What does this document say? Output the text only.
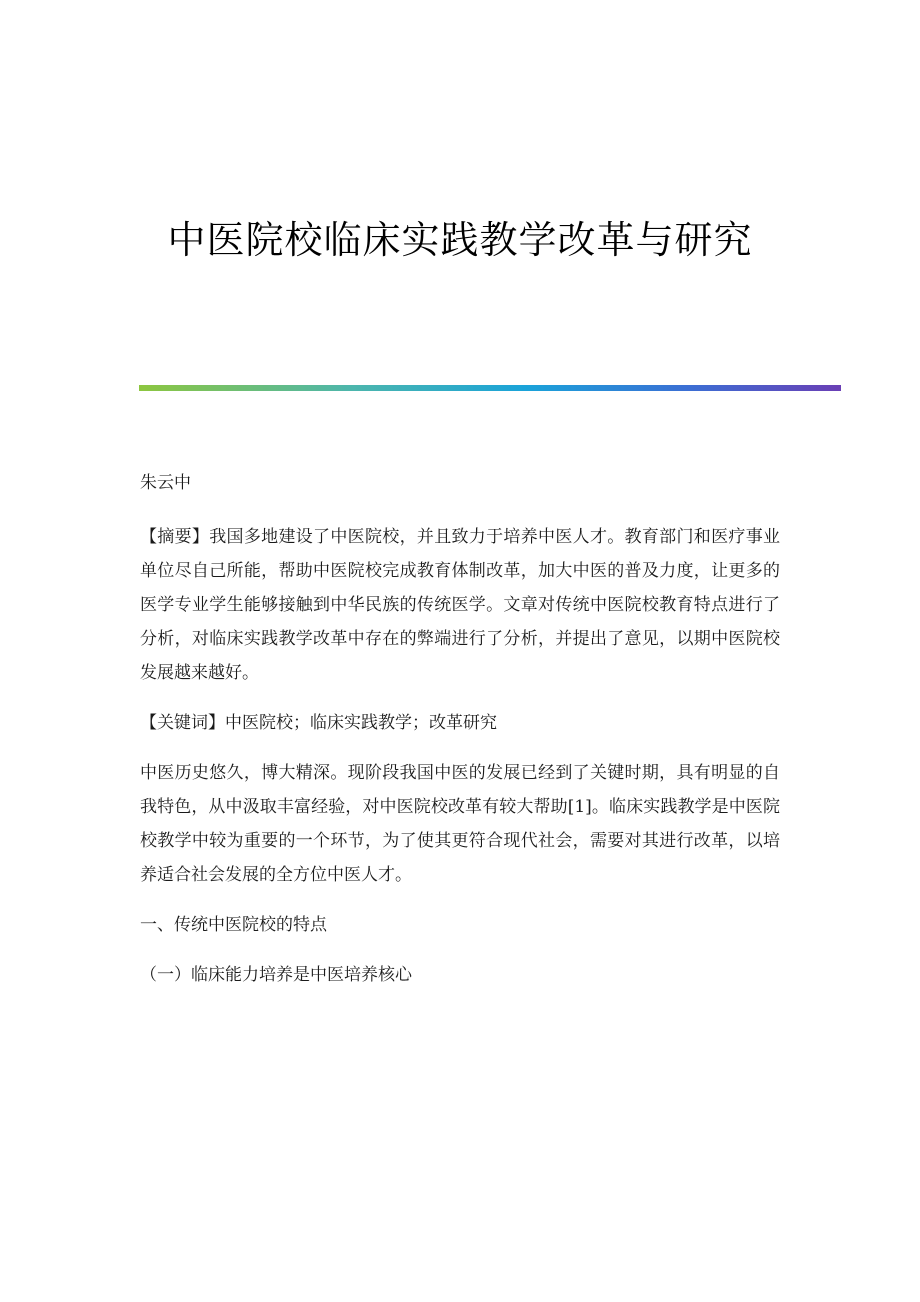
中医院校临床实践教学改革与研究

朱云中

【摘要】我国多地建设了中医院校，并且致力于培养中医人才。教育部门和医疗事业单位尽自己所能，帮助中医院校完成教育体制改革，加大中医的普及力度，让更多的医学专业学生能够接触到中华民族的传统医学。文章对传统中医院校教育特点进行了分析，对临床实践教学改革中存在的弊端进行了分析，并提出了意见，以期中医院校发展越来越好。

【关键词】中医院校；临床实践教学；改革研究

中医历史悠久，博大精深。现阶段我国中医的发展已经到了关键时期，具有明显的自我特色，从中汲取丰富经验，对中医院校改革有较大帮助[1]。临床实践教学是中医院校教学中较为重要的一个环节，为了使其更符合现代社会，需要对其进行改革，以培养适合社会发展的全方位中医人才。

一、传统中医院校的特点

（一）临床能力培养是中医培养核心
